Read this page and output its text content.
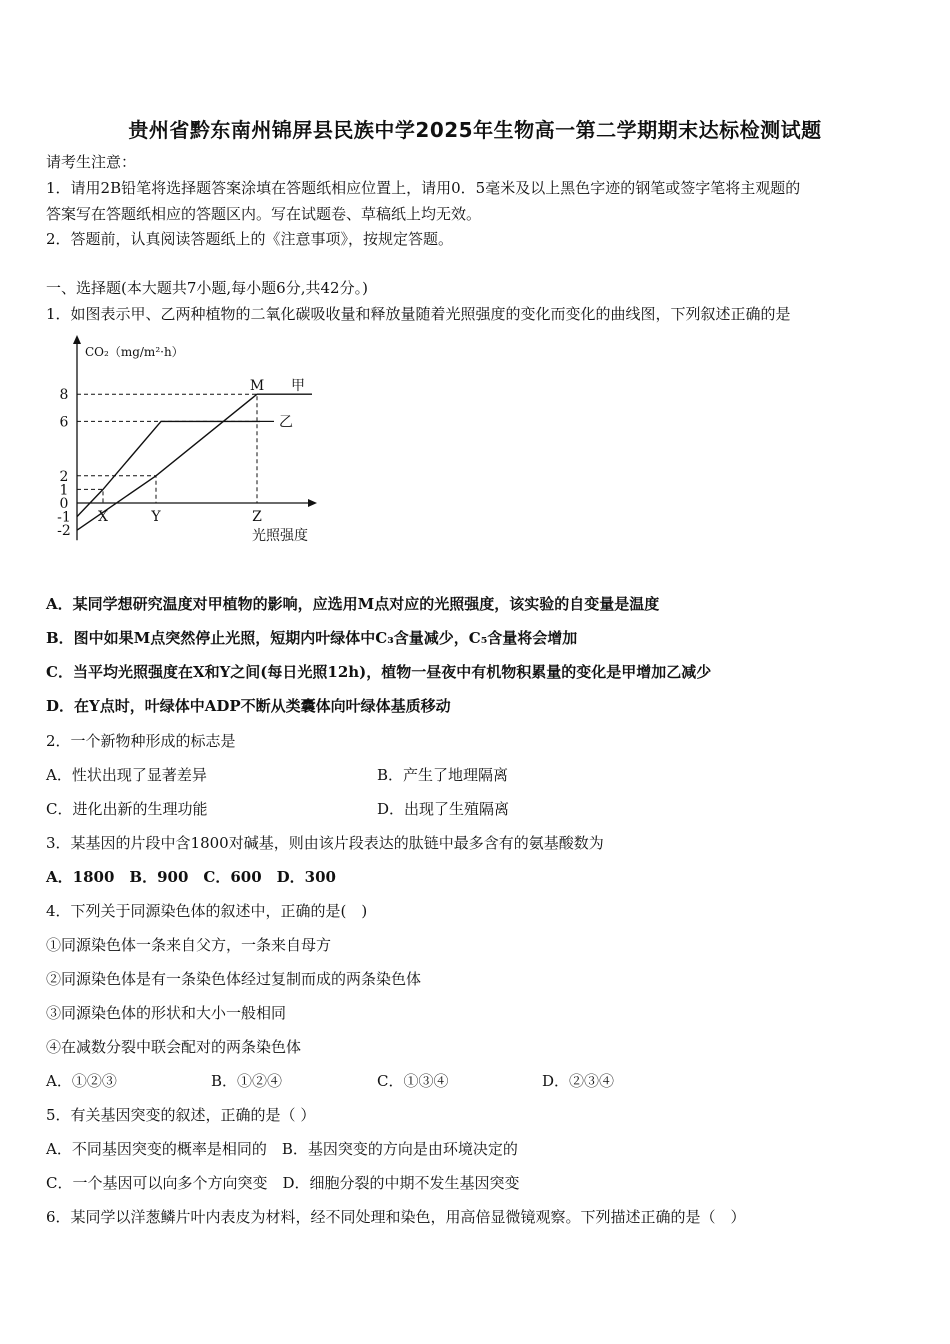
贵州省黔东南州锦屏县民族中学2025年生物高一第二学期期末达标检测试题
请考生注意：
1．请用2B铅笔将选择题答案涂填在答题纸相应位置上，请用0．5毫米及以上黑色字迹的钢笔或签字笔将主观题的
答案写在答题纸相应的答题区内。写在试题卷、草稿纸上均无效。
2．答题前，认真阅读答题纸上的《注意事项》，按规定答题。
一、选择题(本大题共7小题,每小题6分,共42分。)
1．如图表示甲、乙两种植物的二氧化碳吸收量和释放量随着光照强度的变化而变化的曲线图，下列叙述正确的是
CO₂（mg/m²·h）
光照强度
8
6
2
1
0
-1
-2
X	Y	Z
甲
乙
M
A．某同学想研究温度对甲植物的影响，应选用M点对应的光照强度，该实验的自变量是温度
B．图中如果M点突然停止光照，短期内叶绿体中C₃含量减少，C₅含量将会增加
C．当平均光照强度在X和Y之间(每日光照12h)，植物一昼夜中有机物积累量的变化是甲增加乙减少
D．在Y点时，叶绿体中ADP不断从类囊体向叶绿体基质移动
2．一个新物种形成的标志是
A．性状出现了显著差异	B．产生了地理隔离
C．进化出新的生理功能	D．出现了生殖隔离
3．某基因的片段中含1800对碱基，则由该片段表达的肽链中最多含有的氨基酸数为
A．1800　B．900　C．600　D．300
4．下列关于同源染色体的叙述中，正确的是(　)
①同源染色体一条来自父方，一条来自母方
②同源染色体是有一条染色体经过复制而成的两条染色体
③同源染色体的形状和大小一般相同
④在减数分裂中联会配对的两条染色体
A．①②③	B．①②④	C．①③④	D．②③④
5．有关基因突变的叙述，正确的是（ ）
A．不同基因突变的概率是相同的　B．基因突变的方向是由环境决定的
C．一个基因可以向多个方向突变　D．细胞分裂的中期不发生基因突变
6．某同学以洋葱鳞片叶内表皮为材料，经不同处理和染色，用高倍显微镜观察。下列描述正确的是（　）
